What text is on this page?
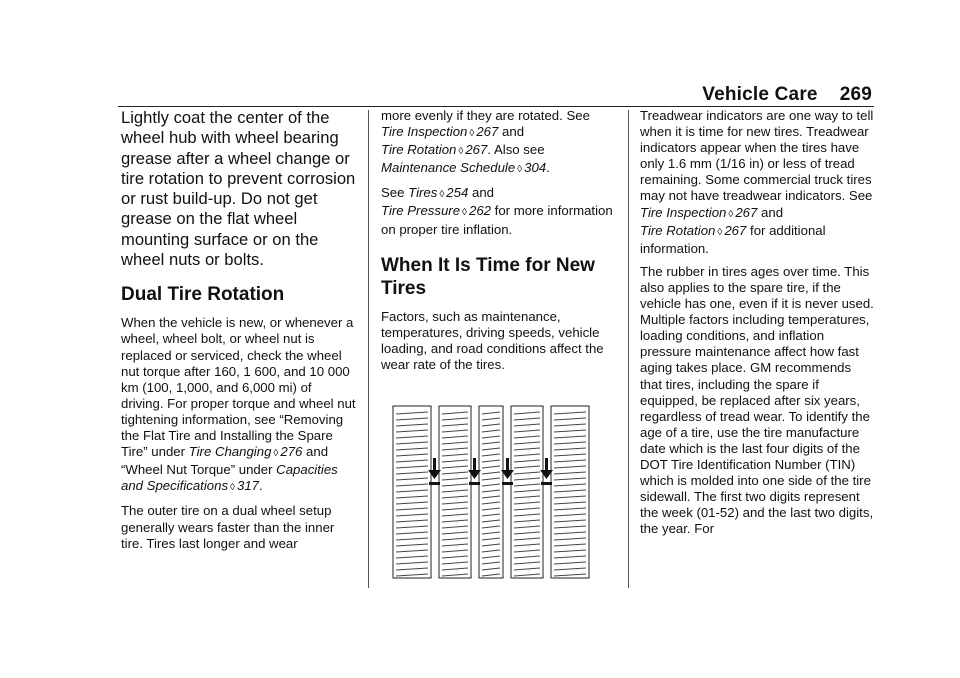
Vehicle Care 269

Lightly coat the center of the wheel hub with wheel bearing grease after a wheel change or tire rotation to prevent corrosion or rust build-up. Do not get grease on the flat wheel mounting surface or on the wheel nuts or bolts.

Dual Tire Rotation

When the vehicle is new, or whenever a wheel, wheel bolt, or wheel nut is replaced or serviced, check the wheel nut torque after 160, 1 600, and 10 000 km (100, 1,000, and 6,000 mi) of driving. For proper torque and wheel nut tightening information, see “Removing the Flat Tire and Installing the Spare Tire” under Tire Changing ◊ 276 and “Wheel Nut Torque” under Capacities and Specifications ◊ 317.

The outer tire on a dual wheel setup generally wears faster than the inner tire. Tires last longer and wear

more evenly if they are rotated. See Tire Inspection ◊ 267 and
Tire Rotation ◊ 267. Also see
Maintenance Schedule ◊ 304.

See Tires ◊ 254 and
Tire Pressure ◊ 262 for more information on proper tire inflation.

When It Is Time for New Tires

Factors, such as maintenance, temperatures, driving speeds, vehicle loading, and road conditions affect the wear rate of the tires.

Treadwear indicators are one way to tell when it is time for new tires. Treadwear indicators appear when the tires have only 1.6 mm (1/16 in) or less of tread remaining. Some commercial truck tires may not have treadwear indicators. See Tire Inspection ◊ 267 and
Tire Rotation ◊ 267 for additional information.

The rubber in tires ages over time. This also applies to the spare tire, if the vehicle has one, even if it is never used. Multiple factors including temperatures, loading conditions, and inflation pressure maintenance affect how fast aging takes place. GM recommends that tires, including the spare if equipped, be replaced after six years, regardless of tread wear. To identify the age of a tire, use the tire manufacture date which is the last four digits of the DOT Tire Identification Number (TIN) which is molded into one side of the tire sidewall. The first two digits represent the week (01-52) and the last two digits, the year. For
